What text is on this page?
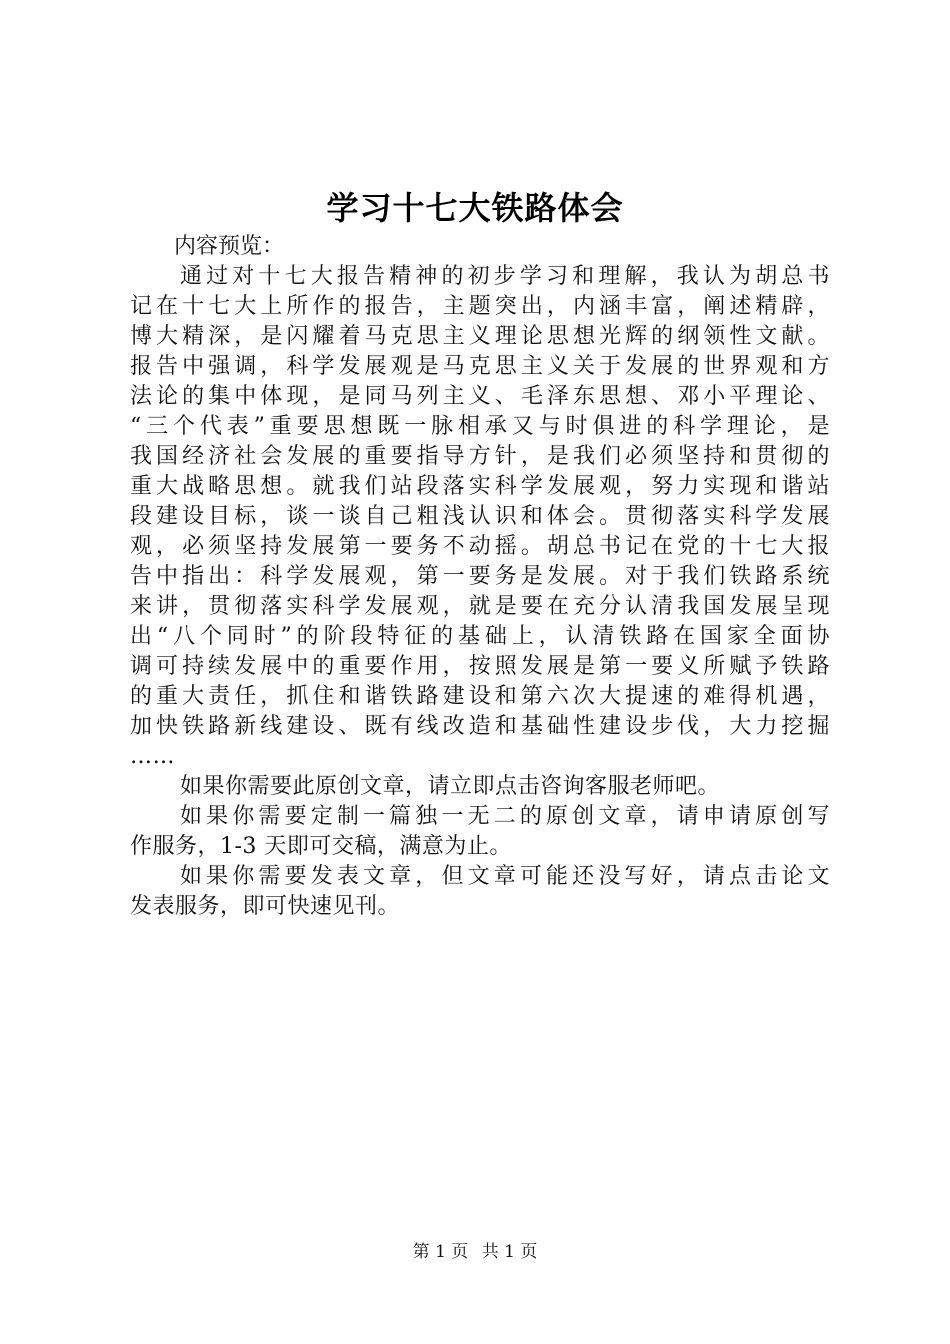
学习十七大铁路体会
内容预览：
通过对十七大报告精神的初步学习和理解，我认为胡总书
记在十七大上所作的报告，主题突出，内涵丰富，阐述精辟，
博大精深，是闪耀着马克思主义理论思想光辉的纲领性文献。
报告中强调，科学发展观是马克思主义关于发展的世界观和方
法论的集中体现，是同马列主义、毛泽东思想、邓小平理论、
“三个代表”重要思想既一脉相承又与时俱进的科学理论，是
我国经济社会发展的重要指导方针，是我们必须坚持和贯彻的
重大战略思想。就我们站段落实科学发展观，努力实现和谐站
段建设目标，谈一谈自己粗浅认识和体会。贯彻落实科学发展
观，必须坚持发展第一要务不动摇。胡总书记在党的十七大报
告中指出：科学发展观，第一要务是发展。对于我们铁路系统
来讲，贯彻落实科学发展观，就是要在充分认清我国发展呈现
出“八个同时”的阶段特征的基础上，认清铁路在国家全面协
调可持续发展中的重要作用，按照发展是第一要义所赋予铁路
的重大责任，抓住和谐铁路建设和第六次大提速的难得机遇，
加快铁路新线建设、既有线改造和基础性建设步伐，大力挖掘
……
如果你需要此原创文章，请立即点击咨询客服老师吧。
如果你需要定制一篇独一无二的原创文章，请申请原创写
作服务，1-3 天即可交稿，满意为止。
如果你需要发表文章，但文章可能还没写好，请点击论文
发表服务，即可快速见刊。
第 1 页 共 1 页
